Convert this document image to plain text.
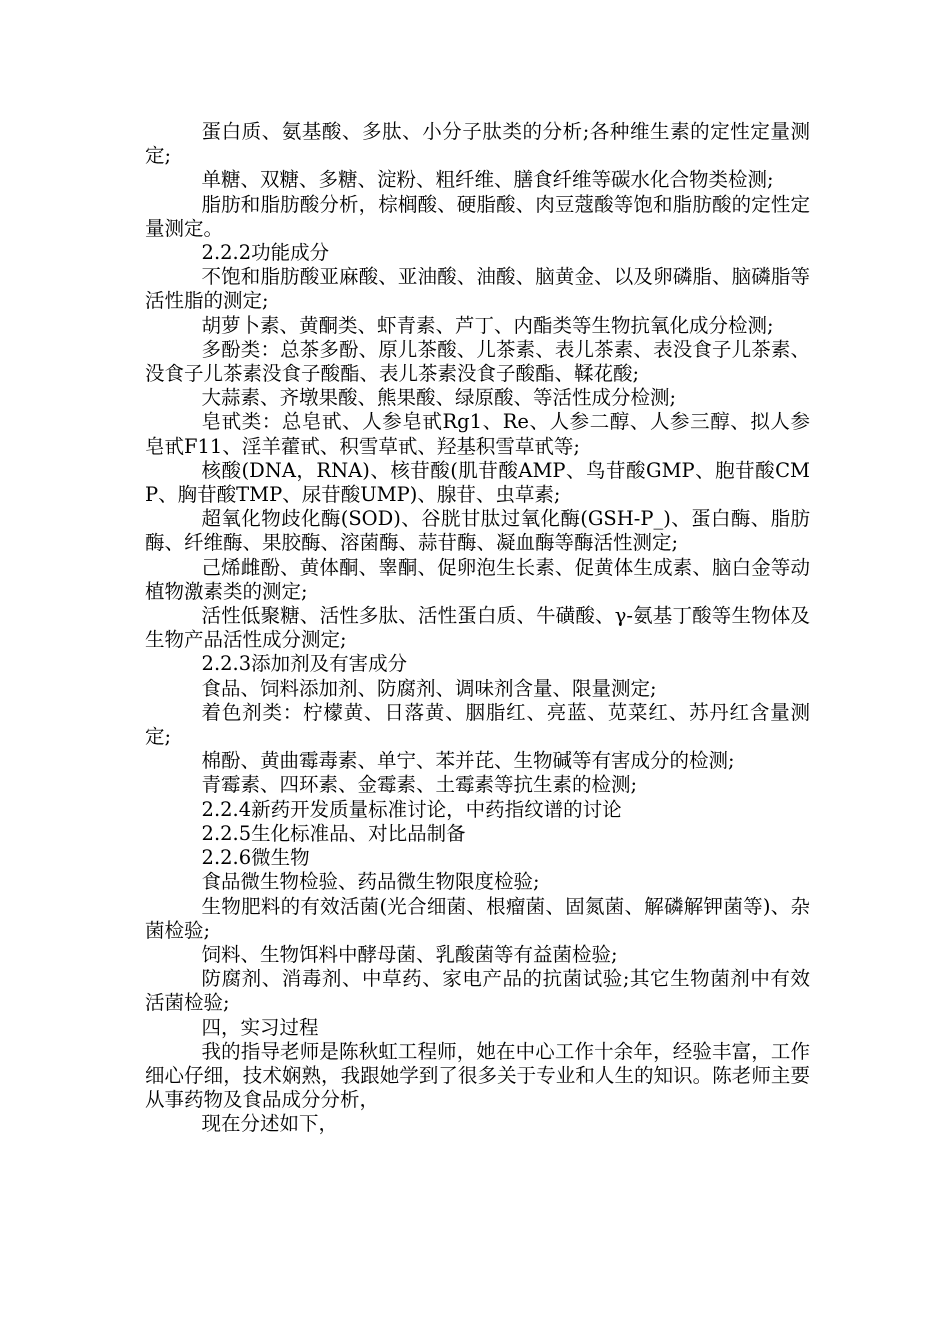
蛋白质、氨基酸、多肽、小分子肽类的分析;各种维生素的定性定量测定;

单糖、双糖、多糖、淀粉、粗纤维、膳食纤维等碳水化合物类检测;

脂肪和脂肪酸分析，棕榈酸、硬脂酸、肉豆蔻酸等饱和脂肪酸的定性定量测定。

2.2.2功能成分

不饱和脂肪酸亚麻酸、亚油酸、油酸、脑黄金、以及卵磷脂、脑磷脂等活性脂的测定;

胡萝卜素、黄酮类、虾青素、芦丁、内酯类等生物抗氧化成分检测;

多酚类：总茶多酚、原儿茶酸、儿茶素、表儿茶素、表没食子儿茶素、没食子儿茶素没食子酸酯、表儿茶素没食子酸酯、鞣花酸;

大蒜素、齐墩果酸、熊果酸、绿原酸、等活性成分检测;

皂甙类：总皂甙、人参皂甙Rg1、Re、人参二醇、人参三醇、拟人参皂甙F11、淫羊藿甙、积雪草甙、羟基积雪草甙等;

核酸(DNA，RNA)、核苷酸(肌苷酸AMP、鸟苷酸GMP、胞苷酸CMP、胸苷酸TMP、尿苷酸UMP)、腺苷、虫草素;

超氧化物歧化酶(SOD)、谷胱甘肽过氧化酶(GSH-P_)、蛋白酶、脂肪酶、纤维酶、果胶酶、溶菌酶、蒜苷酶、凝血酶等酶活性测定;

己烯雌酚、黄体酮、睾酮、促卵泡生长素、促黄体生成素、脑白金等动植物激素类的测定;

活性低聚糖、活性多肽、活性蛋白质、牛磺酸、γ-氨基丁酸等生物体及生物产品活性成分测定;

2.2.3添加剂及有害成分

食品、饲料添加剂、防腐剂、调味剂含量、限量测定;

着色剂类：柠檬黄、日落黄、胭脂红、亮蓝、苋菜红、苏丹红含量测定;

棉酚、黄曲霉毒素、单宁、苯并芘、生物碱等有害成分的检测;

青霉素、四环素、金霉素、土霉素等抗生素的检测;

2.2.4新药开发质量标准讨论，中药指纹谱的讨论

2.2.5生化标准品、对比品制备

2.2.6微生物

食品微生物检验、药品微生物限度检验;

生物肥料的有效活菌(光合细菌、根瘤菌、固氮菌、解磷解钾菌等)、杂菌检验;

饲料、生物饵料中酵母菌、乳酸菌等有益菌检验;

防腐剂、消毒剂、中草药、家电产品的抗菌试验;其它生物菌剂中有效活菌检验;

四，实习过程

我的指导老师是陈秋虹工程师，她在中心工作十余年，经验丰富，工作细心仔细，技术娴熟，我跟她学到了很多关于专业和人生的知识。陈老师主要从事药物及食品成分分析，

现在分述如下，
